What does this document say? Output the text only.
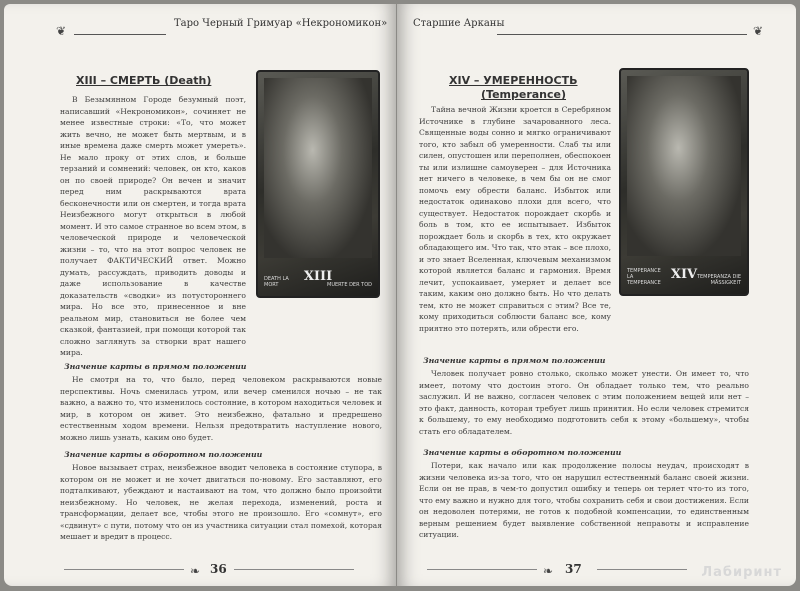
❦
Таро Черный Гримуар «Некрономикон»
XIII – СМЕРТЬ (Death)
DEATH LA MORT
XIII
MUERTE DER TOD

В Безымянном Городе безумный поэт, написавший «Некрономикон», сочиняет не менее известные строки: «То, что может жить вечно, не может быть мертвым, и в иные времена даже смерть может умереть». Не мало проку от этих слов, и больше терзаний и сомнений: человек, он кто, каков он по своей природе? Он вечен и значит перед ним раскрываются врата бесконечности или он смертен, и тогда врата Неизбежного могут открыться в любой момент. И это самое странное во всем этом, в человеческой природе и человеческой жизни – то, что на этот вопрос человек не получает ФАКТИЧЕСКИЙ ответ. Можно думать, рассуждать, приводить доводы и даже использование в качестве доказательств «сводки» из потустороннего мира. Но все это, принесенное и вне реальном мир, становиться не более чем сказкой, фантазией, при помощи которой так сложно заглянуть за створки врат нашего мира.

Значение карты в прямом положении

Не смотря на то, что было, перед человеком раскрываются новые перспективы. Ночь сменилась утром, или вечер сменился ночью – не так важно, а важно то, что изменилось состояние, в котором находиться человек и мир, в котором он живет. Это неизбежно, фатально и предрешено естественным ходом времени. Нельзя предотвратить наступление нового, можно лишь узнать, каким оно будет.

Значение карты в оборотном положении

Новое вызывает страх, неизбежное вводит человека в состояние ступора, в котором он не может и не хочет двигаться по-новому. Его заставляют, его подталкивают, убеждают и настаивают на том, что должно было произойти неизбежному. Но человек, не желая перехода, изменений, роста и трансформации, делает все, чтобы этого не произошло. Его «сомнут», его «сдвинут» с пути, потому что он из участника ситуации стал помехой, которая мешает и вредит в процесс.

❧ 36
Старшие Арканы
❦
XIV – УМЕРЕННОСТЬ
(Temperance)
TEMPERANCE LA TEMPERANCE
XIV TEMPERANZA DIE MÄSSIGKEIT

Тайна вечной Жизни кроется в Серебряном Источнике в глубине зачарованного леса. Священные воды сонно и мягко ограничивают того, кто забыл об умеренности. Слаб ты или силен, опустошен или переполнен, обеспокоен ты или излишне самоуверен – для Источника нет ничего в человеке, в чем бы он не смог помочь ему обрести баланс. Избыток или недостаток одинаково плохи для всего, что существует. Недостаток порождает скорбь и боль в том, кто ее испытывает. Избыток порождает боль и скорбь в тех, кто окружает обладающего им. Что так, что этак – все плохо, и это знает Вселенная, ключевым механизмом которой является баланс и гармония. Время лечит, успокаивает, умеряет и делает все таким, каким оно должно быть. Но что делать тем, кто не может справиться с этим? Все те, кому приходиться соблюсти баланс все, кому приятно это потерять, или обрести его.

Значение карты в прямом положении

Человек получает ровно столько, сколько может унести. Он имеет то, что имеет, потому что достоин этого. Он обладает только тем, что реально заслужил. И не важно, согласен человек с этим положением вещей или нет – это факт, данность, которая требует лишь принятия. Но если человек стремится к большему, то ему необходимо подготовить себя к этому «большему», чтобы стать его обладателем.

Значение карты в оборотном положении

Потери, как начало или как продолжение полосы неудач, происходят в жизни человека из-за того, что он нарушил естественный баланс своей жизни. Если он не прав, в чем-то допустил ошибку и теперь он теряет что-то из того, что ему важно и нужно для того, чтобы сохранить себя и свои достижения. Если он недоволен потерями, не готов к подобной компенсации, то единственным верным решением будет выявление собственной неправоты и исправление ситуации.

❧ 37	Лабиринт
